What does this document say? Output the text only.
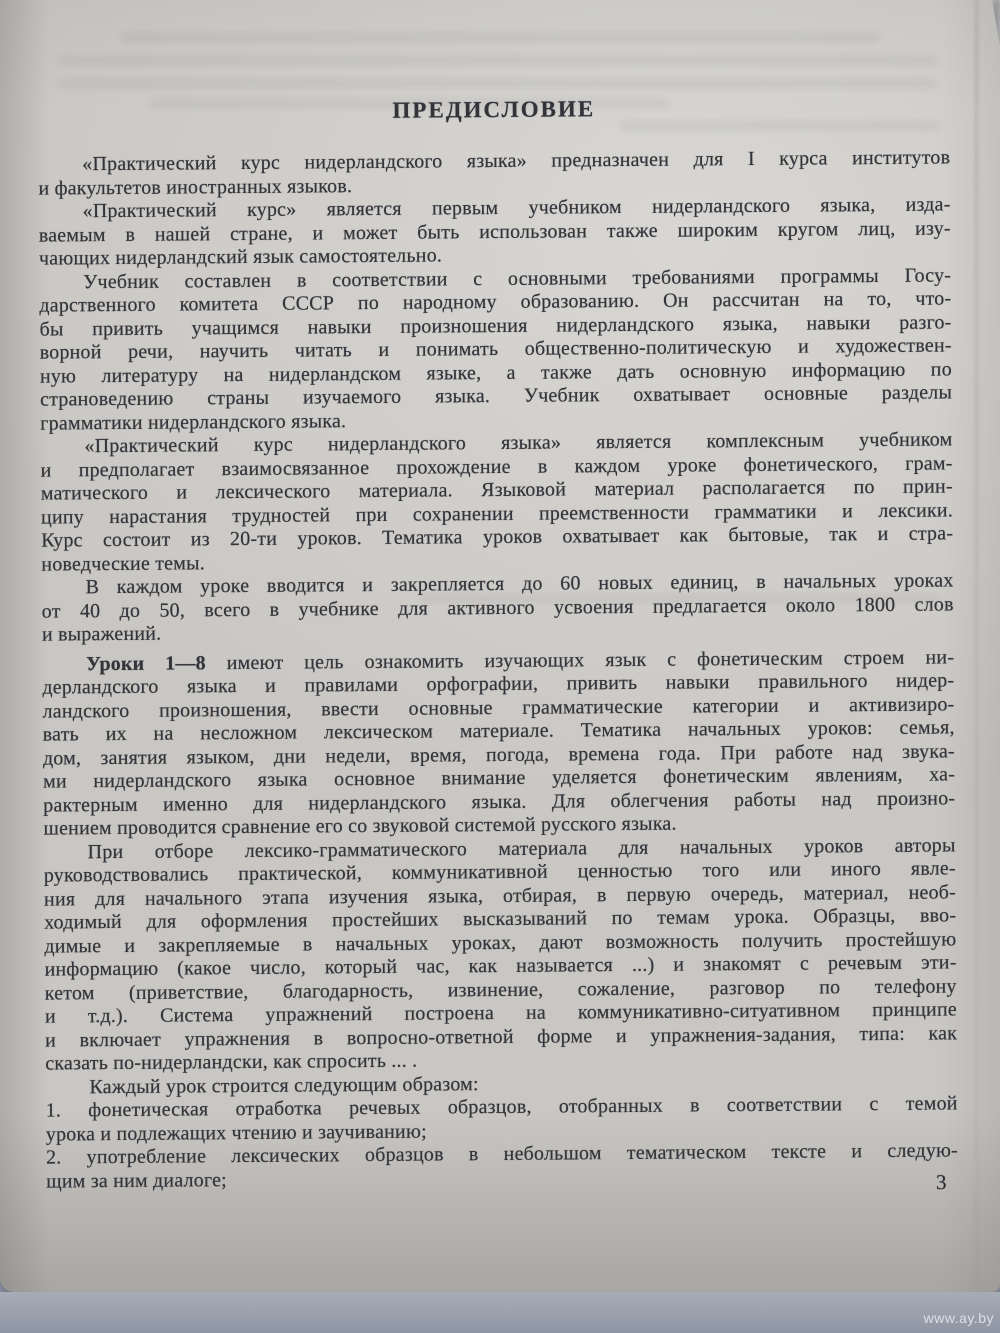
ПРЕДИСЛОВИЕ
«Практический курс нидерландского языка» предназначен для I курса институтов
и факультетов иностранных языков.
«Практический курс» является первым учебником нидерландского языка, изда-
ваемым в нашей стране, и может быть использован также широким кругом лиц, изу-
чающих нидерландский язык самостоятельно.
Учебник составлен в соответствии с основными требованиями программы Госу-
дарственного комитета СССР по народному образованию. Он рассчитан на то, что-
бы привить учащимся навыки произношения нидерландского языка, навыки разго-
ворной речи, научить читать и понимать общественно-политическую и художествен-
ную литературу на нидерландском языке, а также дать основную информацию по
страноведению страны изучаемого языка. Учебник охватывает основные разделы
грамматики нидерландского языка.
«Практический курс нидерландского языка» является комплексным учебником
и предполагает взаимосвязанное прохождение в каждом уроке фонетического, грам-
матического и лексического материала. Языковой материал располагается по прин-
ципу нарастания трудностей при сохранении преемственности грамматики и лексики.
Курс состоит из 20-ти уроков. Тематика уроков охватывает как бытовые, так и стра-
новедческие темы.
В каждом уроке вводится и закрепляется до 60 новых единиц, в начальных уроках
от 40 до 50, всего в учебнике для активного усвоения предлагается около 1800 слов
и выражений.
Уроки 1—8 имеют цель ознакомить изучающих язык с фонетическим строем ни-
дерландского языка и правилами орфографии, привить навыки правильного нидер-
ландского произношения, ввести основные грамматические категории и активизиро-
вать их на несложном лексическом материале. Тематика начальных уроков: семья,
дом, занятия языком, дни недели, время, погода, времена года. При работе над звука-
ми нидерландского языка основное внимание уделяется фонетическим явлениям, ха-
рактерным именно для нидерландского языка. Для облегчения работы над произно-
шением проводится сравнение его со звуковой системой русского языка.
При отборе лексико-грамматического материала для начальных уроков авторы
руководствовались практической, коммуникативной ценностью того или иного явле-
ния для начального этапа изучения языка, отбирая, в первую очередь, материал, необ-
ходимый для оформления простейших высказываний по темам урока. Образцы, вво-
димые и закрепляемые в начальных уроках, дают возможность получить простейшую
информацию (какое число, который час, как называется ...) и знакомят с речевым эти-
кетом (приветствие, благодарность, извинение, сожаление, разговор по телефону
и т.д.). Система упражнений построена на коммуникативно-ситуативном принципе
и включает упражнения в вопросно-ответной форме и упражнения-задания, типа: как
сказать по-нидерландски, как спросить ... .
Каждый урок строится следующим образом:
1. фонетическая отработка речевых образцов, отобранных в соответствии с темой
урока и подлежащих чтению и заучиванию;
2. употребление лексических образцов в небольшом тематическом тексте и следую-
щим за ним диалоге;	3
www.ay.by
